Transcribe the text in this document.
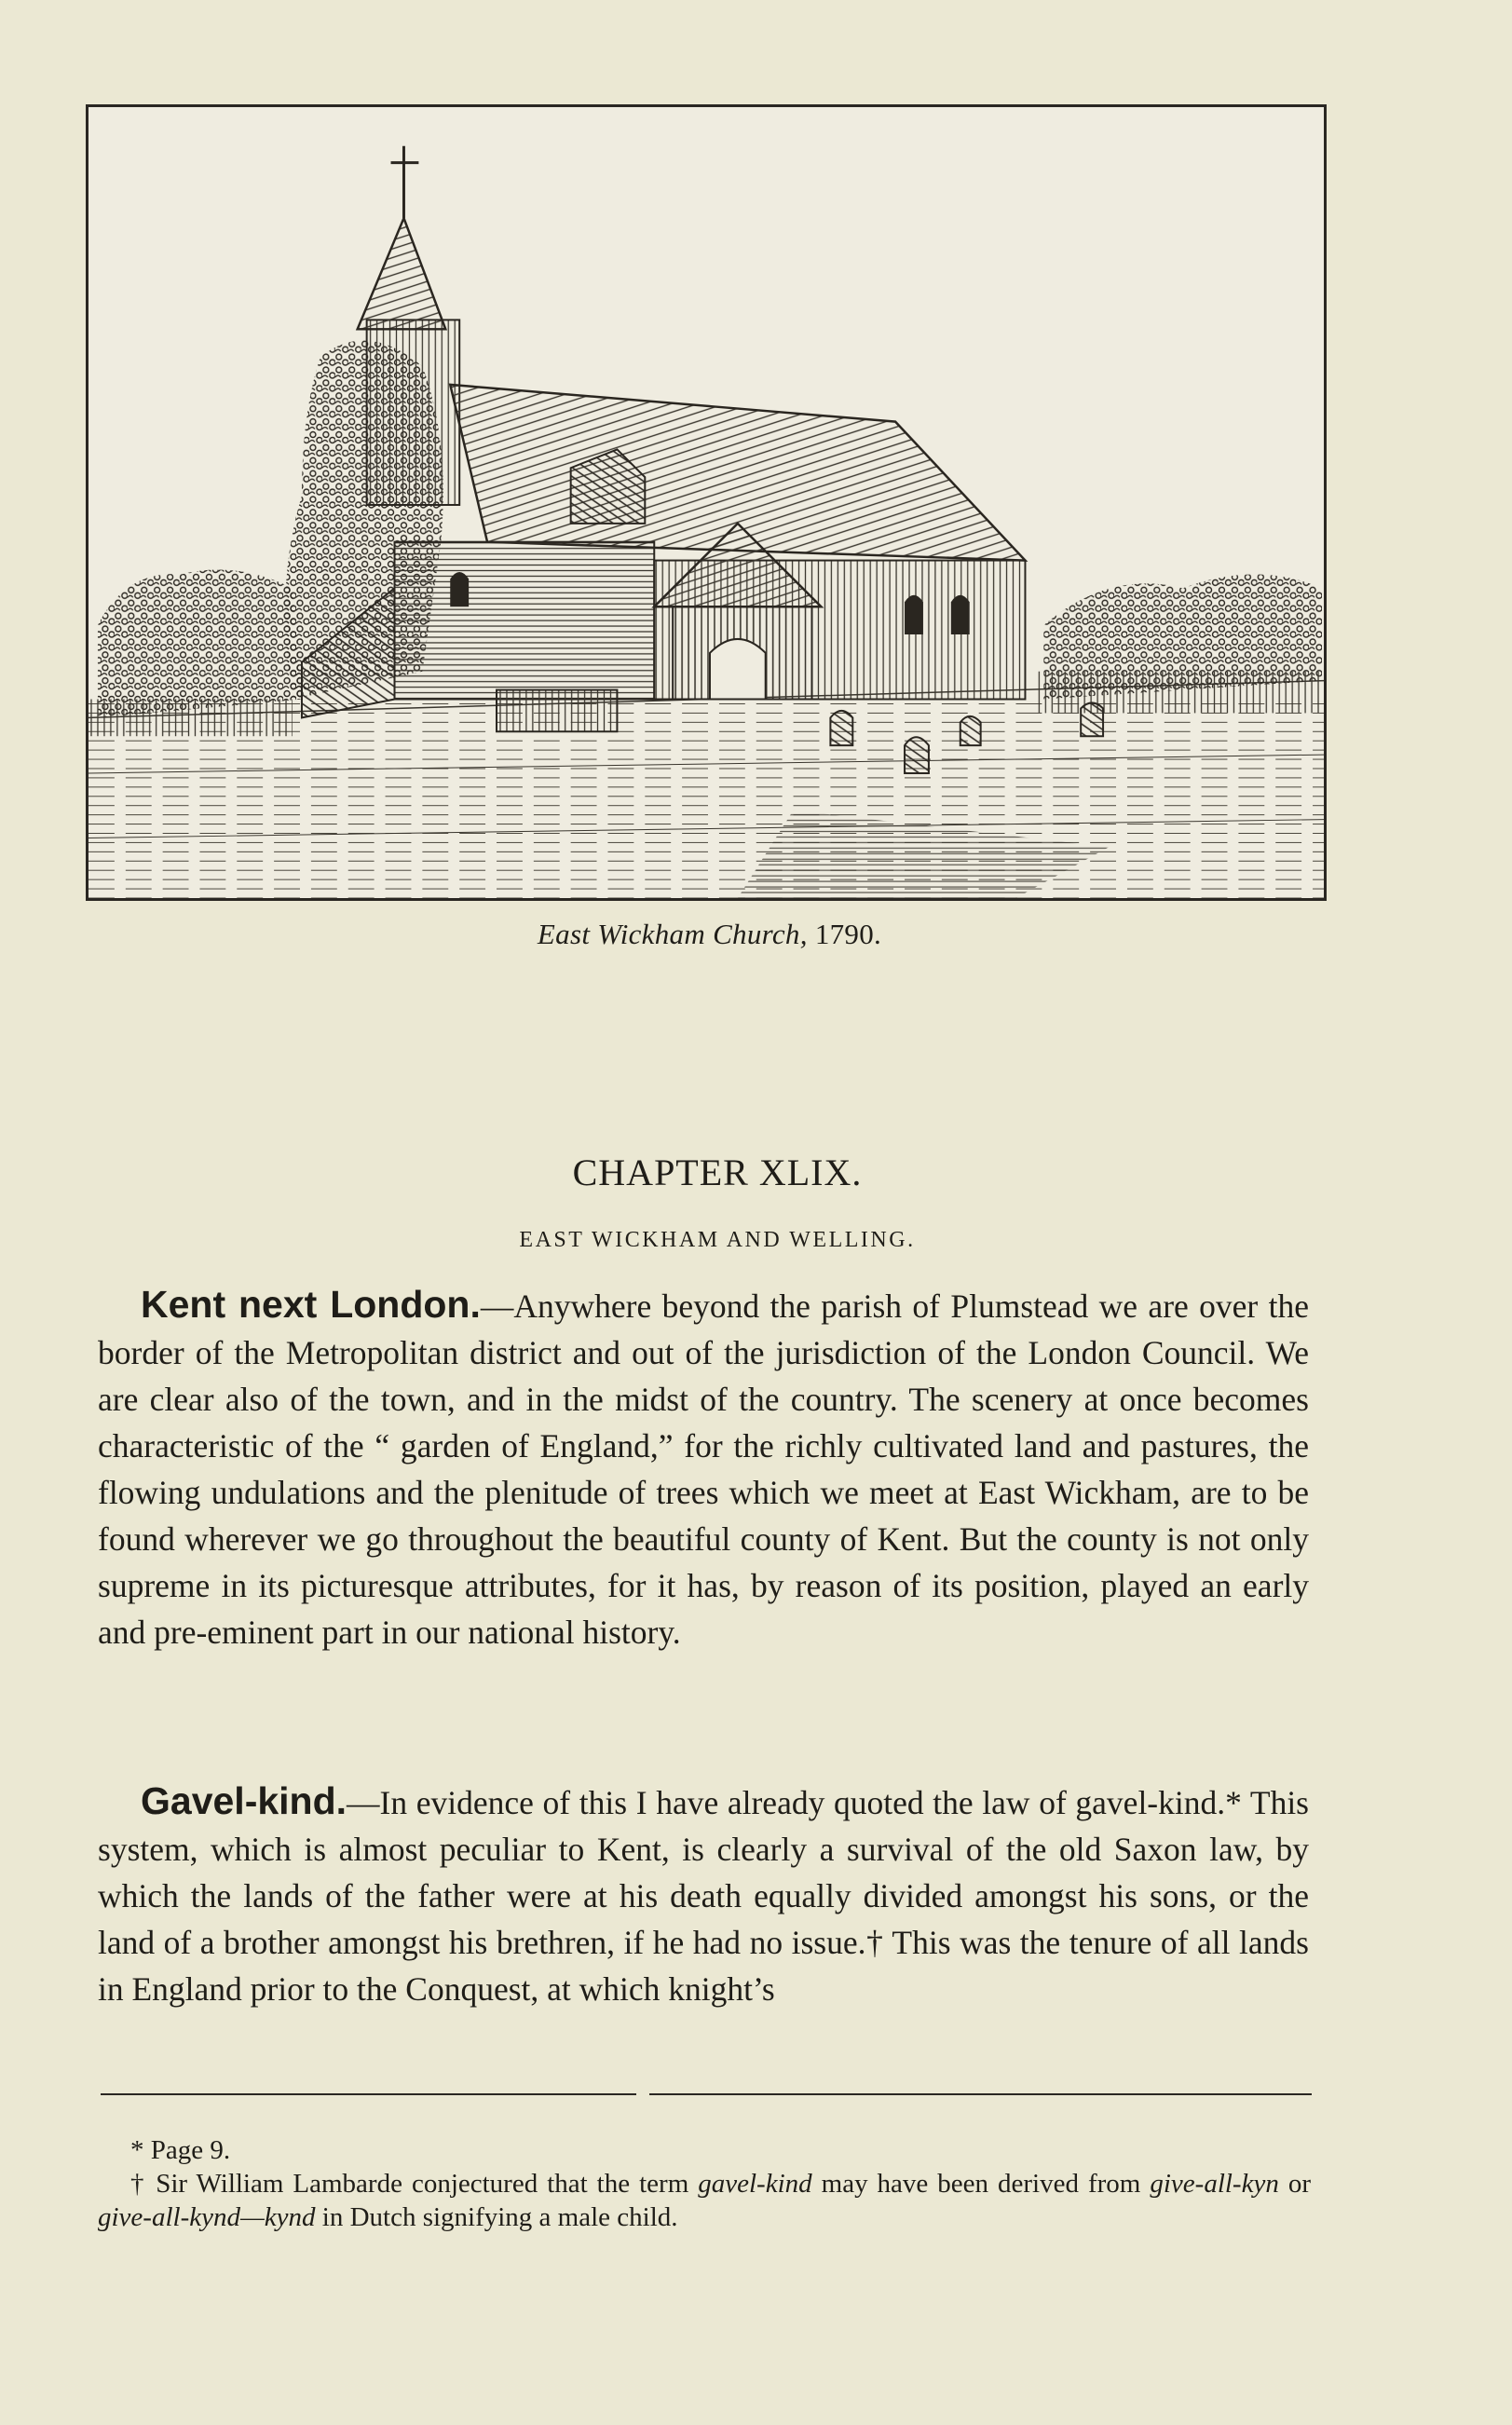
East Wickham Church, 1790.
CHAPTER XLIX.
EAST WICKHAM AND WELLING.

Kent next London.—Anywhere beyond the parish of Plumstead we are over the border of the Metropolitan district and out of the jurisdiction of the London Council. We are clear also of the town, and in the midst of the country. The scenery at once becomes characteristic of the “ garden of England,” for the richly cultivated land and pastures, the flowing undulations and the plenitude of trees which we meet at East Wickham, are to be found wherever we go throughout the beautiful county of Kent. But the county is not only supreme in its picturesque attributes, for it has, by reason of its position, played an early and pre-eminent part in our national history.

Gavel-kind.—In evidence of this I have already quoted the law of gavel-kind.* This system, which is almost peculiar to Kent, is clearly a survival of the old Saxon law, by which the lands of the father were at his death equally divided amongst his sons, or the land of a brother amongst his brethren, if he had no issue.† This was the tenure of all lands in England prior to the Conquest, at which knight’s

* Page 9.

† Sir William Lambarde conjectured that the term gavel-kind may have been derived from give-all-kyn or give-all-kynd—kynd in Dutch signifying a male child.
